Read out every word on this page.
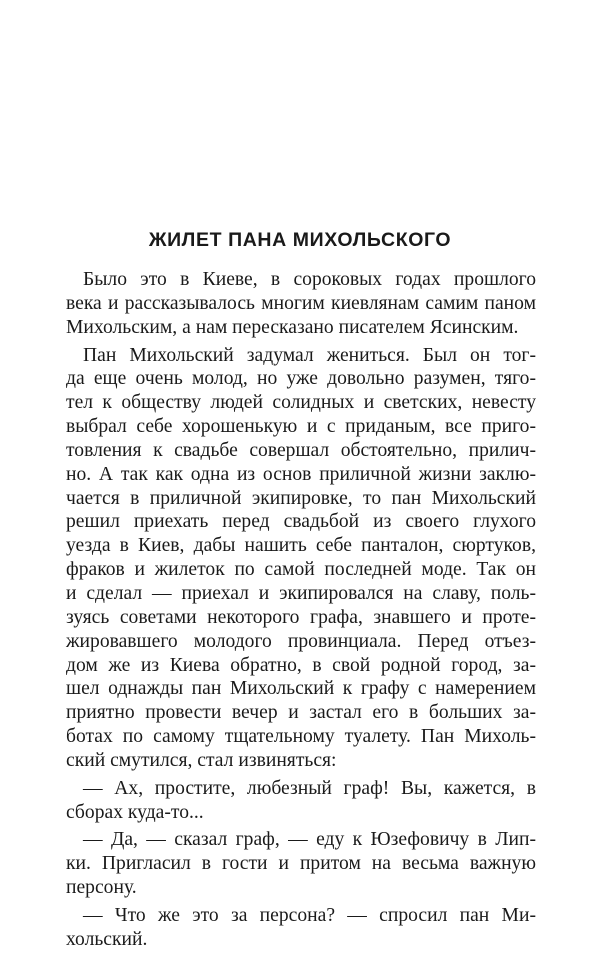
ЖИЛЕТ ПАНА МИХОЛЬСКОГО
Было это в Киеве, в сороковых годах прошлого
века и рассказывалось многим киевлянам самим паном
Михольским, а нам пересказано писателем Ясинским.
Пан Михольский задумал жениться. Был он тог-
да еще очень молод, но уже довольно разумен, тяго-
тел к обществу людей солидных и светских, невесту
выбрал себе хорошенькую и с приданым, все приго-
товления к свадьбе совершал обстоятельно, прилич-
но. А так как одна из основ приличной жизни заклю-
чается в приличной экипировке, то пан Михольский
решил приехать перед свадьбой из своего глухого
уезда в Киев, дабы нашить себе панталон, сюртуков,
фраков и жилеток по самой последней моде. Так он
и сделал — приехал и экипировался на славу, поль-
зуясь советами некоторого графа, знавшего и протe-
жировавшего молодого провинциала. Перед отъез-
дом же из Киева обратно, в свой родной город, за-
шел однажды пан Михольский к графу с намерением
приятно провести вечер и застал его в больших за-
ботах по самому тщательному туалету. Пан Михоль-
ский смутился, стал извиняться:
— Ах, простите, любезный граф! Вы, кажется, в
сборах куда-то...
— Да, — сказал граф, — еду к Юзефовичу в Лип-
ки. Пригласил в гости и притом на весьма важную
персону.
— Что же это за персона? — спросил пан Ми-
хольский.
